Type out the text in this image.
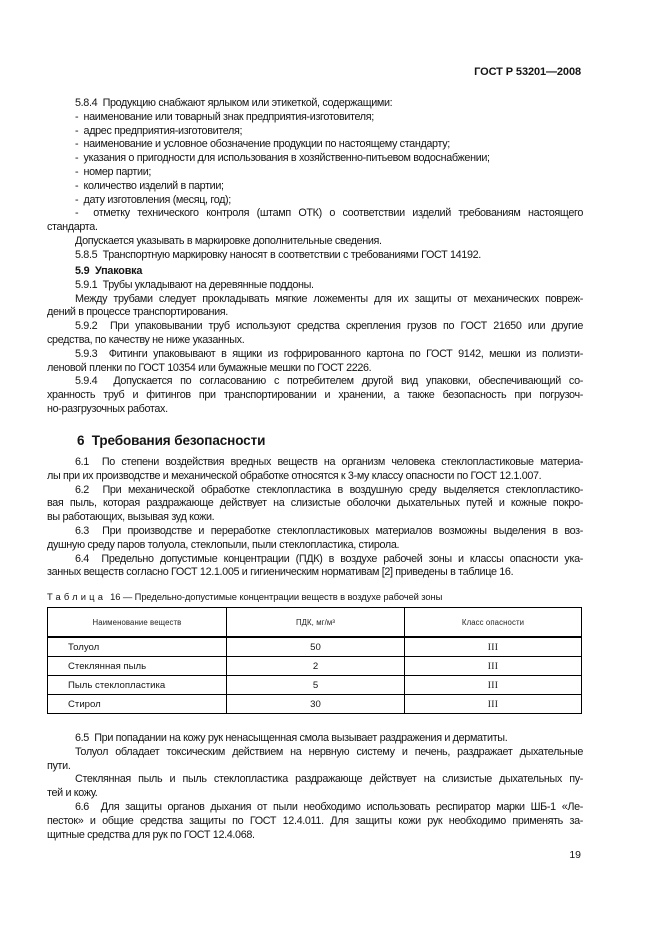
ГОСТ Р 53201—2008
5.8.4  Продукцию снабжают ярлыком или этикеткой, содержащими:
-  наименование или товарный знак предприятия-изготовителя;
-  адрес предприятия-изготовителя;
-  наименование и условное обозначение продукции по настоящему стандарту;
-  указания о пригодности для использования в хозяйственно-питьевом водоснабжении;
-  номер партии;
-  количество изделий в партии;
-  дату изготовления (месяц, год);
-  отметку технического контроля (штамп ОТК) о соответствии изделий требованиям настоящего
стандарта.
Допускается указывать в маркировке дополнительные сведения.
5.8.5  Транспортную маркировку наносят в соответствии с требованиями ГОСТ 14192.
5.9  Упаковка
5.9.1  Трубы укладывают на деревянные поддоны.
Между трубами следует прокладывать мягкие ложементы для их защиты от механических повреж-
дений в процессе транспортирования.
5.9.2  При упаковывании труб используют средства скрепления грузов по ГОСТ 21650 или другие
средства, по качеству не ниже указанных.
5.9.3  Фитинги упаковывают в ящики из гофрированного картона по ГОСТ 9142, мешки из полиэти-
леновой пленки по ГОСТ 10354 или бумажные мешки по ГОСТ 2226.
5.9.4  Допускается по согласованию с потребителем другой вид упаковки, обеспечивающий со-
хранность труб и фитингов при транспортировании и хранении, а также безопасность при погрузоч-
но-разгрузочных работах.
6  Требования безопасности
6.1  По степени воздействия вредных веществ на организм человека стеклопластиковые материа-
лы при их производстве и механической обработке относятся к 3-му классу опасности по ГОСТ 12.1.007.
6.2  При механической обработке стеклопластика в воздушную среду выделяется стеклопластико-
вая пыль, которая раздражающе действует на слизистые оболочки дыхательных путей и кожные покро-
вы работающих, вызывая зуд кожи.
6.3  При производстве и переработке стеклопластиковых материалов возможны выделения в воз-
душную среду паров толуола, стеклопыли, пыли стеклопластика, стирола.
6.4  Предельно допустимые концентрации (ПДК) в воздухе рабочей зоны и классы опасности ука-
занных веществ согласно ГОСТ 12.1.005 и гигиеническим нормативам [2] приведены в таблице 16.
Таблица 16 — Предельно-допустимые концентрации веществ в воздухе рабочей зоны
Наименование веществ	ПДК, мг/м³	Класс опасности
Толуол	50	III
Стеклянная пыль	2	III
Пыль стеклопластика	5	III
Стирол	30	III
6.5  При попадании на кожу рук ненасыщенная смола вызывает раздражения и дерматиты.
Толуол обладает токсическим действием на нервную систему и печень, раздражает дыхательные
пути.
Стеклянная пыль и пыль стеклопластика раздражающе действует на слизистые дыхательных пу-
тей и кожу.
6.6  Для защиты органов дыхания от пыли необходимо использовать респиратор марки ШБ-1 «Ле-
песток» и общие средства защиты по ГОСТ 12.4.011. Для защиты кожи рук необходимо применять за-
щитные средства для рук по ГОСТ 12.4.068.
19
